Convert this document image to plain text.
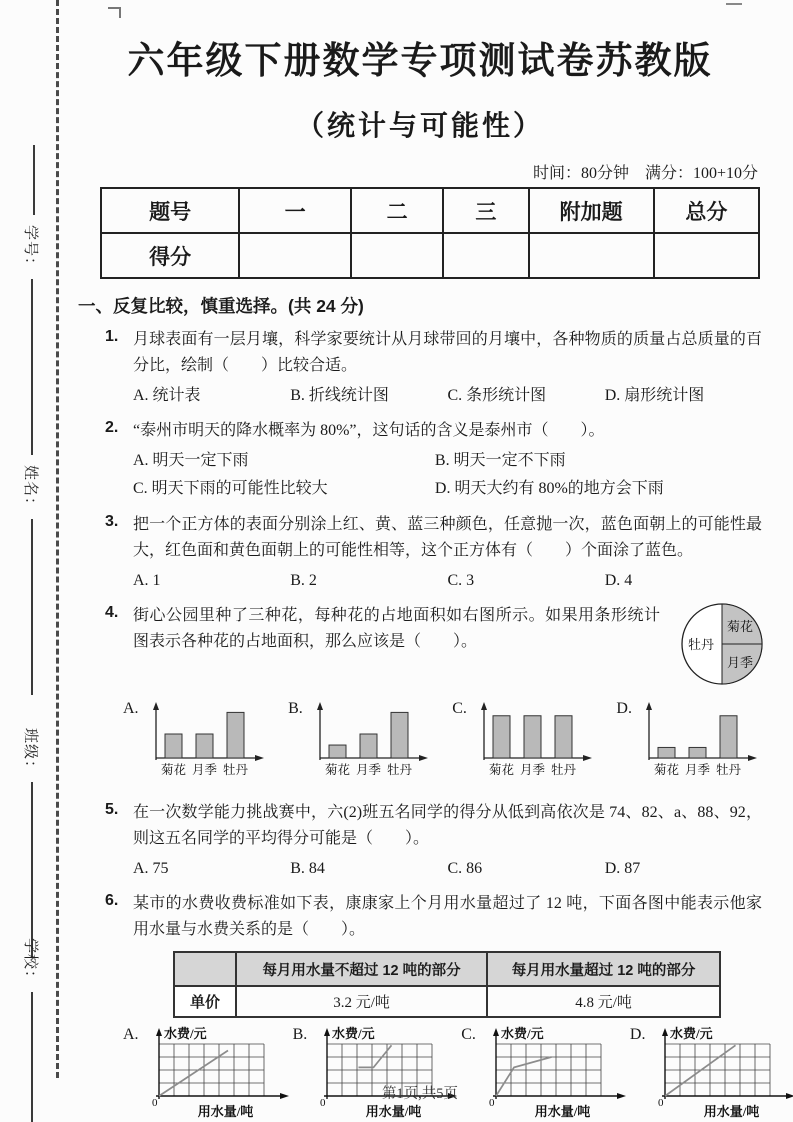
学号：
姓名：
班级：
学校：
六年级下册数学专项测试卷苏教版
（统计与可能性）
时间：80分钟　满分：100+10分
题号	一	二	三	附加题	总分
得分					
一、反复比较，慎重选择。(共 24 分)
1. 月球表面有一层月壤，科学家要统计从月球带回的月壤中，各种物质的质量占总质量的百分比，绘制（　　）比较合适。

A. 统计表	B. 折线统计图	C. 条形统计图	D. 扇形统计图
2. “泰州市明天的降水概率为 80%”，这句话的含义是泰州市（　　）。

A. 明天一定下雨	B. 明天一定不下雨
C. 明天下雨的可能性比较大	D. 明天大约有 80%的地方会下雨
3. 把一个正方体的表面分别涂上红、黄、蓝三种颜色，任意抛一次，蓝色面朝上的可能性最大，红色面和黄色面朝上的可能性相等，这个正方体有（　　）个面涂了蓝色。

A. 1	B. 2	C. 3	D. 4
4.
牡丹
菊花
月季

街心公园里种了三种花，每种花的占地面积如右图所示。如果用条形统计图表示各种花的占地面积，那么应该是（　　）。

A.
菊花 月季 牡丹
B.
菊花 月季 牡丹
C.
菊花 月季 牡丹
D.
菊花 月季 牡丹
5. 在一次数学能力挑战赛中，六(2)班五名同学的得分从低到高依次是 74、82、a、88、92，则这五名同学的平均得分可能是（　　）。

A. 75	B. 84	C. 86	D. 87
6. 某市的水费收费标准如下表，康康家上个月用水量超过了 12 吨，下面各图中能表示他家用水量与水费关系的是（　　）。

	每月用水量不超过 12 吨的部分	每月用水量超过 12 吨的部分
单价	3.2 元/吨	4.8 元/吨
A. 水费/元
0
用水量/吨
B. 水费/元
0
用水量/吨
C. 水费/元
0
用水量/吨
D. 水费/元
0
用水量/吨
第1页,共5页
